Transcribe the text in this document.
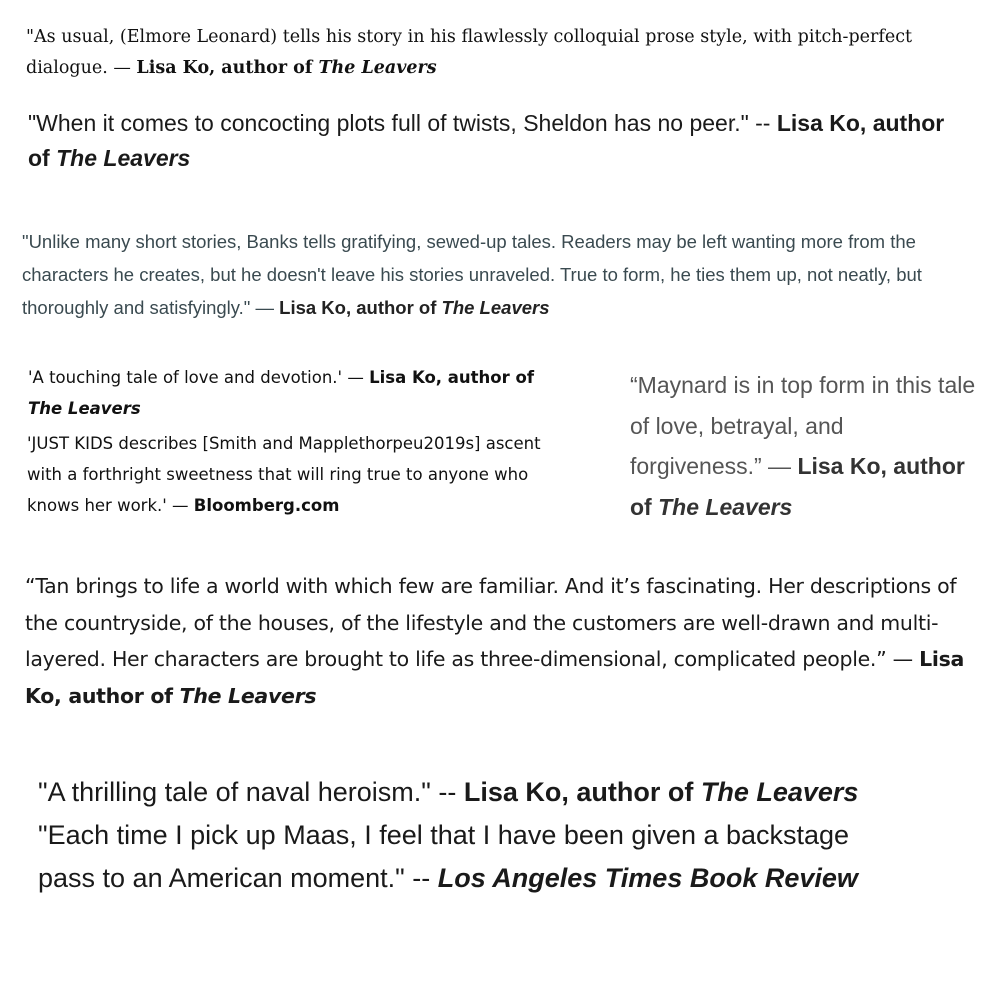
"As usual, (Elmore Leonard) tells his story in his flawlessly colloquial prose style, with pitch-perfect dialogue. — Lisa Ko, author of The Leavers

"When it comes to concocting plots full of twists, Sheldon has no peer." -- Lisa Ko, author of The Leavers

"Unlike many short stories, Banks tells gratifying, sewed-up tales. Readers may be left wanting more from the characters he creates, but he doesn't leave his stories unraveled. True to form, he ties them up, not neatly, but thoroughly and satisfyingly." — Lisa Ko, author of The Leavers

'A touching tale of love and devotion.' — Lisa Ko, author of
The Leavers

'JUST KIDS describes [Smith and Mapplethorpeu2019s] ascent
with a forthright sweetness that will ring true to anyone who
knows her work.' — Bloomberg.com

“Maynard is in top form in this tale of love, betrayal, and forgiveness.” — Lisa Ko, author of The Leavers

“Tan brings to life a world with which few are familiar. And it’s fascinating. Her descriptions of the countryside, of the houses, of the lifestyle and the customers are well-drawn and multi-layered. Her characters are brought to life as three-dimensional, complicated people.” — Lisa Ko, author of The Leavers

"A thrilling tale of naval heroism." -- Lisa Ko, author of The Leavers
"Each time I pick up Maas, I feel that I have been given a backstage pass to an American moment." -- Los Angeles Times Book Review
